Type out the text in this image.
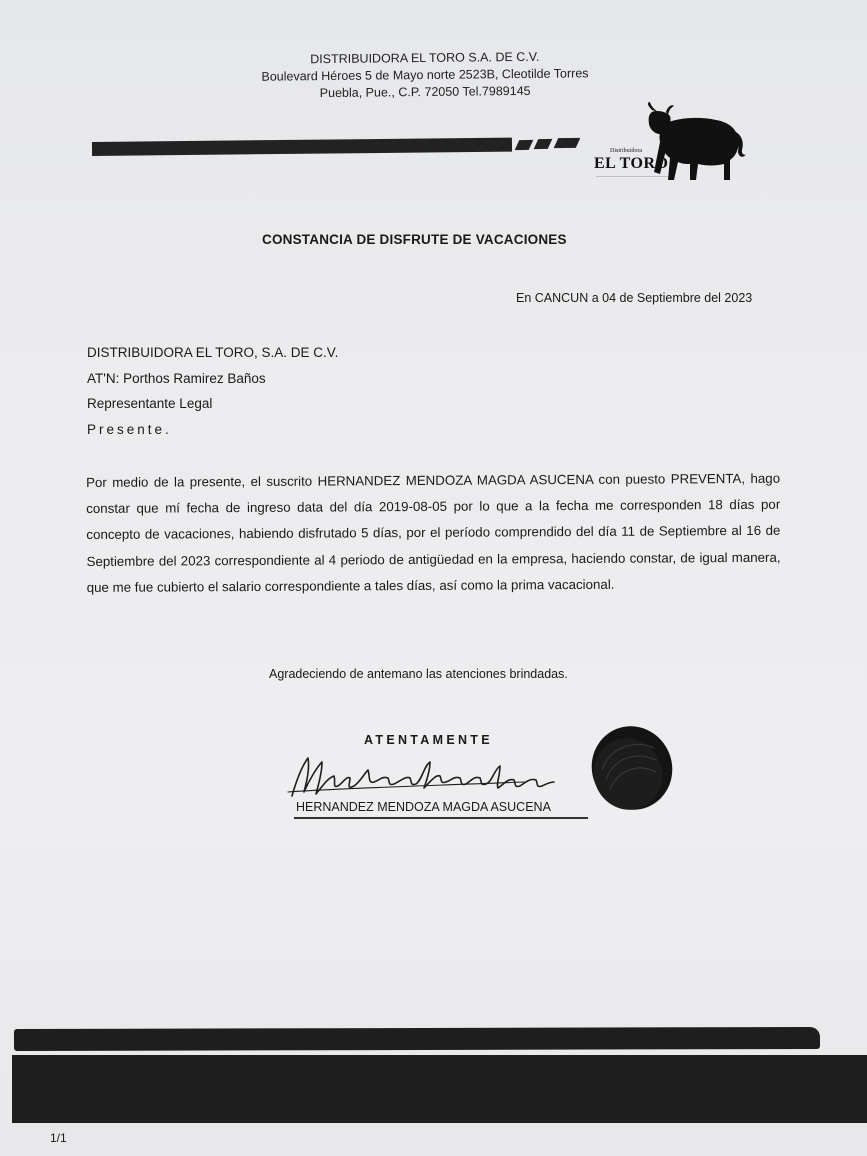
DISTRIBUIDORA EL TORO S.A. DE C.V.
Boulevard Héroes 5 de Mayo norte 2523B, Cleotilde Torres
Puebla, Pue., C.P. 72050 Tel.7989145
Distribuidora
EL TORO
—————————————————————
CONSTANCIA DE DISFRUTE DE VACACIONES
En CANCUN a 04 de Septiembre del 2023
DISTRIBUIDORA EL TORO, S.A. DE C.V.
AT'N: Porthos Ramirez Baños
Representante Legal
Presente.
Por medio de la presente, el suscrito HERNANDEZ MENDOZA MAGDA ASUCENA con puesto PREVENTA, hago constar que mí fecha de ingreso data del día 2019-08-05 por lo que a la fecha me corresponden 18 días por concepto de vacaciones, habiendo disfrutado 5 días, por el período comprendido del día 11 de Septiembre al 16 de Septiembre del 2023 correspondiente al 4 periodo de antigüedad en la empresa, haciendo constar, de igual manera, que me fue cubierto el salario correspondiente a tales días, así como la prima vacacional.
Agradeciendo de antemano las atenciones brindadas.
ATENTAMENTE
HERNANDEZ MENDOZA MAGDA ASUCENA
1/1
